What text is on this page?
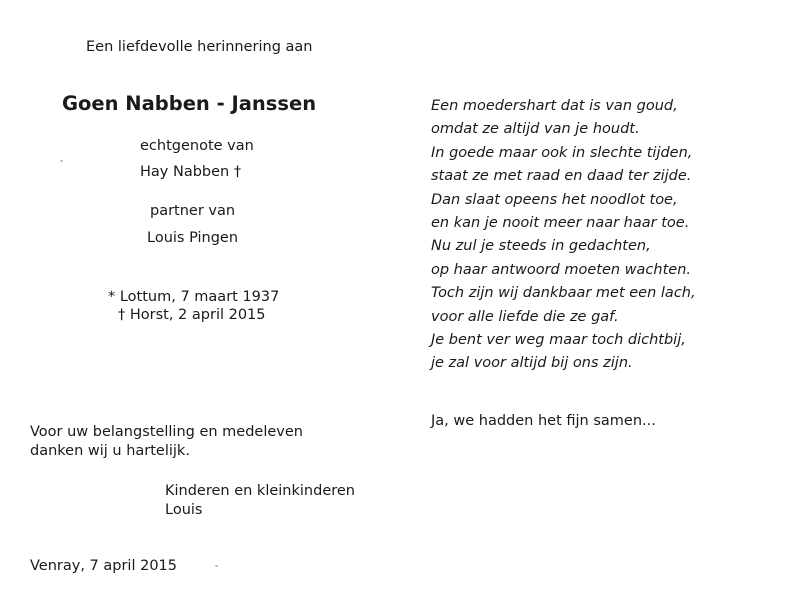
Een liefdevolle herinnering aan
Goen Nabben - Janssen
echtgenote van
Hay Nabben †
partner van
Louis Pingen
* Lottum, 7 maart 1937
† Horst, 2 april 2015
Voor uw belangstelling en medeleven
danken wij u hartelijk.
Kinderen en kleinkinderen
Louis
Venray, 7 april 2015
Een moedershart dat is van goud,
omdat ze altijd van je houdt.
In goede maar ook in slechte tijden,
staat ze met raad en daad ter zijde.
Dan slaat opeens het noodlot toe,
en kan je nooit meer naar haar toe.
Nu zul je steeds in gedachten,
op haar antwoord moeten wachten.
Toch zijn wij dankbaar met een lach,
voor alle liefde die ze gaf.
Je bent ver weg maar toch dichtbij,
je zal voor altijd bij ons zijn.
Ja, we hadden het fijn samen...
